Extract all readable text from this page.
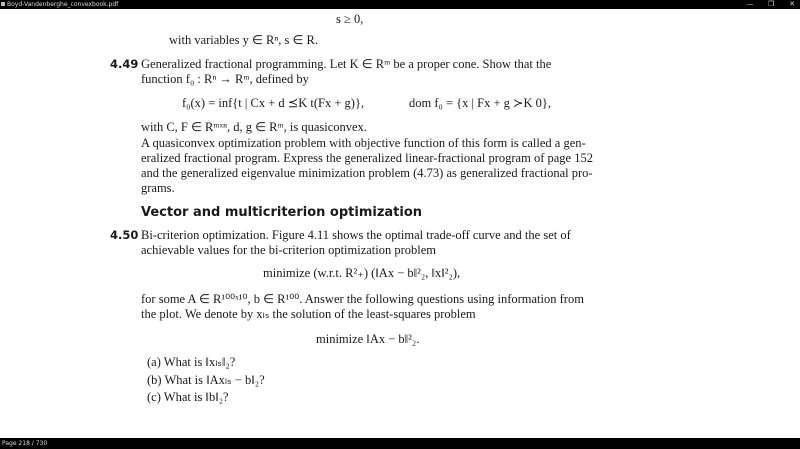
Boyd-Vandenberghe_convexbook.pdf	— ❐ ✕
s ≥ 0,
with variables y ∈ Rⁿ, s ∈ R.
4.49 Generalized fractional programming. Let K ∈ Rᵐ be a proper cone. Show that the
function f₀ : Rⁿ → Rᵐ, defined by
f₀(x) = inf{t | Cx + d ⪯K t(Fx + g)},	dom f₀ = {x | Fx + g ≻K 0},
with C, F ∈ Rᵐˣⁿ, d, g ∈ Rᵐ, is quasiconvex.
A quasiconvex optimization problem with objective function of this form is called a gen-
eralized fractional program. Express the generalized linear-fractional program of page 152
and the generalized eigenvalue minimization problem (4.73) as generalized fractional pro-
grams.
Vector and multicriterion optimization
4.50 Bi-criterion optimization. Figure 4.11 shows the optimal trade-off curve and the set of
achievable values for the bi-criterion optimization problem
minimize (w.r.t. R²₊) (‖Ax − b‖²₂, ‖x‖²₂),
for some A ∈ R¹⁰⁰ˣ¹⁰, b ∈ R¹⁰⁰. Answer the following questions using information from
the plot. We denote by xₗₛ the solution of the least-squares problem
minimize ‖Ax − b‖²₂.
(a) What is ‖xₗₛ‖₂?
(b) What is ‖Axₗₛ − b‖₂?
(c) What is ‖b‖₂?
Page 218 / 730
